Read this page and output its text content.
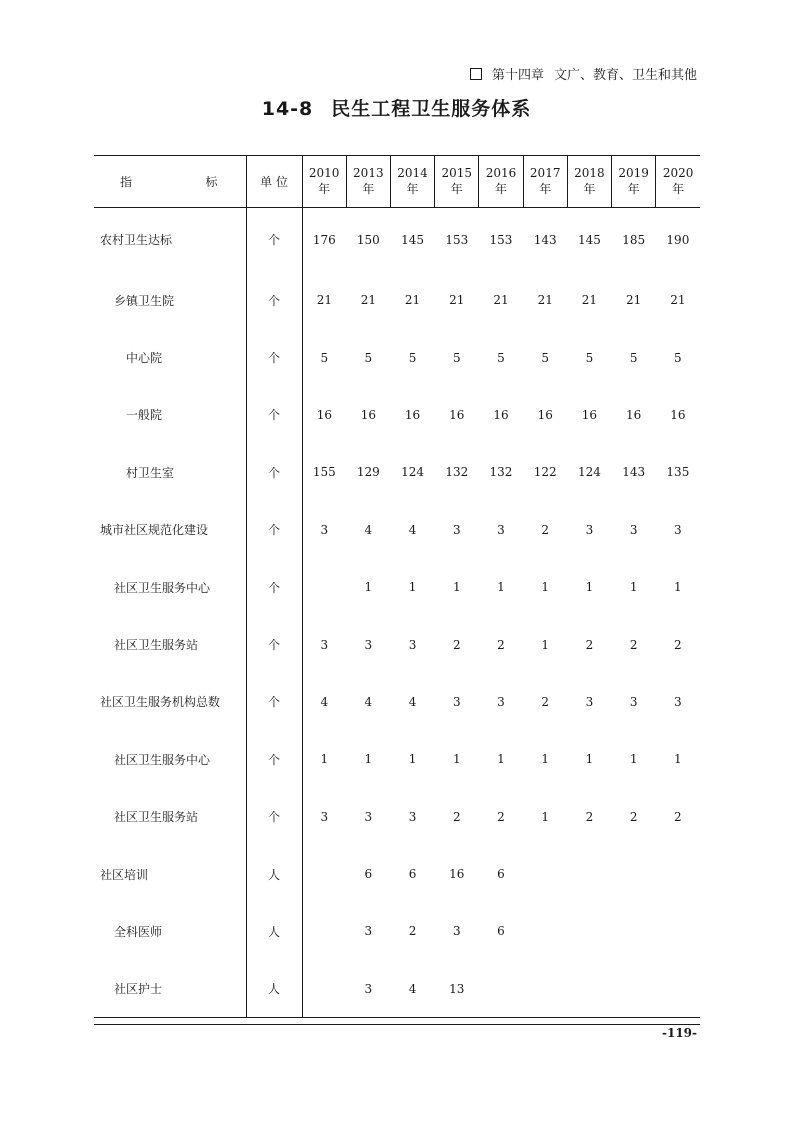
第十四章 文广、教育、卫生和其他
14-8 民生工程卫生服务体系
指 标	单 位	2010 年	2013 年	2014 年	2015 年	2016 年	2017 年	2018 年	2019 年	2020 年
农村卫生达标	个	176	150	145	153	153	143	145	185	190
乡镇卫生院	个	21	21	21	21	21	21	21	21	21
中心院	个	5	5	5	5	5	5	5	5	5
一般院	个	16	16	16	16	16	16	16	16	16
村卫生室	个	155	129	124	132	132	122	124	143	135
城市社区规范化建设	个	3	4	4	3	3	2	3	3	3
社区卫生服务中心	个		1	1	1	1	1	1	1	1
社区卫生服务站	个	3	3	3	2	2	1	2	2	2
社区卫生服务机构总数	个	4	4	4	3	3	2	3	3	3
社区卫生服务中心	个	1	1	1	1	1	1	1	1	1
社区卫生服务站	个	3	3	3	2	2	1	2	2	2
社区培训	人		6	6	16	6				
全科医师	人		3	2	3	6				
社区护士	人		3	4	13					
-119-
